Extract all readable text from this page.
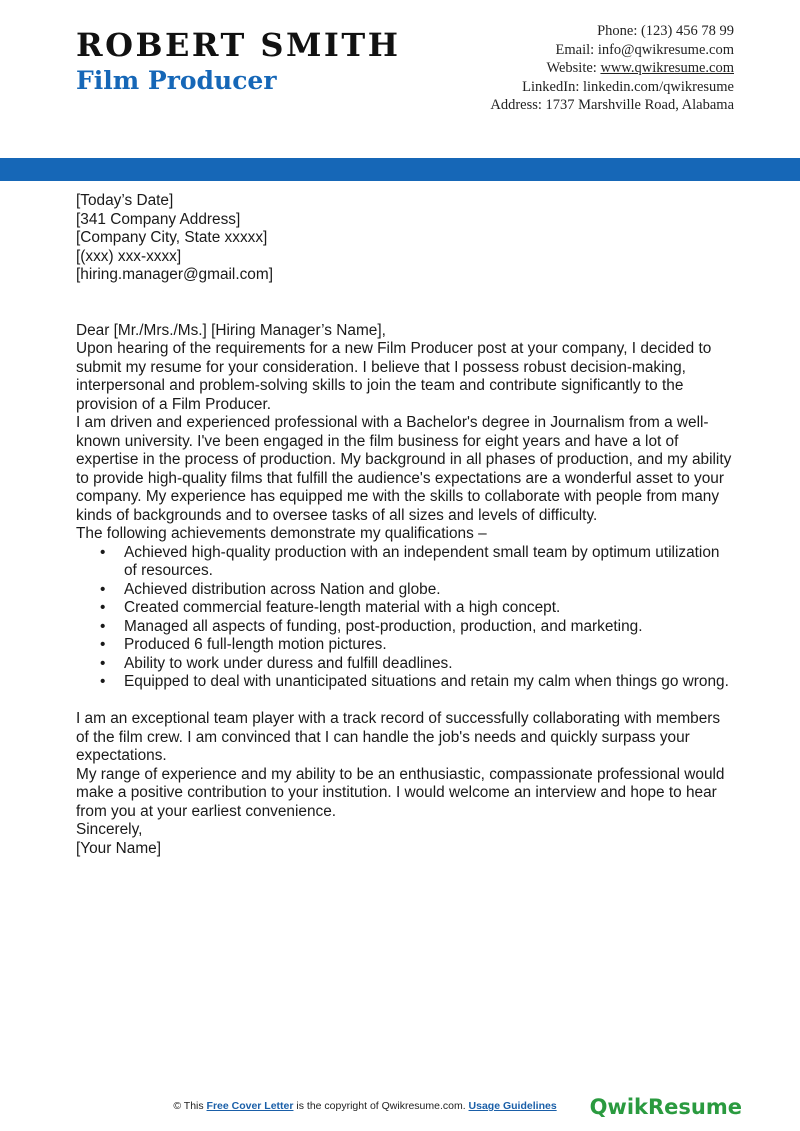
ROBERT SMITH
Film Producer
Phone: (123) 456 78 99
Email: info@qwikresume.com
Website: www.qwikresume.com
LinkedIn: linkedin.com/qwikresume
Address: 1737 Marshville Road, Alabama

[Today’s Date]

[341 Company Address]
[Company City, State xxxxx]
[(xxx) xxx-xxxx]
[hiring.manager@gmail.com]

Dear [Mr./Mrs./Ms.] [Hiring Manager’s Name],

Upon hearing of the requirements for a new Film Producer post at your company, I decided to submit my resume for your consideration. I believe that I possess robust decision-making, interpersonal and problem-solving skills to join the team and contribute significantly to the provision of a Film Producer.

I am driven and experienced professional with a Bachelor's degree in Journalism from a well-known university. I've been engaged in the film business for eight years and have a lot of expertise in the process of production. My background in all phases of production, and my ability to provide high-quality films that fulfill the audience's expectations are a wonderful asset to your company. My experience has equipped me with the skills to collaborate with people from many kinds of backgrounds and to oversee tasks of all sizes and levels of difficulty.

The following achievements demonstrate my qualifications –

• Achieved high-quality production with an independent small team by optimum utilization of resources.
• Achieved distribution across Nation and globe.
• Created commercial feature-length material with a high concept.
• Managed all aspects of funding, post-production, production, and marketing.
• Produced 6 full-length motion pictures.
• Ability to work under duress and fulfill deadlines.
• Equipped to deal with unanticipated situations and retain my calm when things go wrong.

I am an exceptional team player with a track record of successfully collaborating with members of the film crew. I am convinced that I can handle the job's needs and quickly surpass your expectations.

My range of experience and my ability to be an enthusiastic, compassionate professional would make a positive contribution to your institution. I would welcome an interview and hope to hear from you at your earliest convenience.

Sincerely,
[Your Name]
© This Free Cover Letter is the copyright of Qwikresume.com. Usage Guidelines	QwikResume
